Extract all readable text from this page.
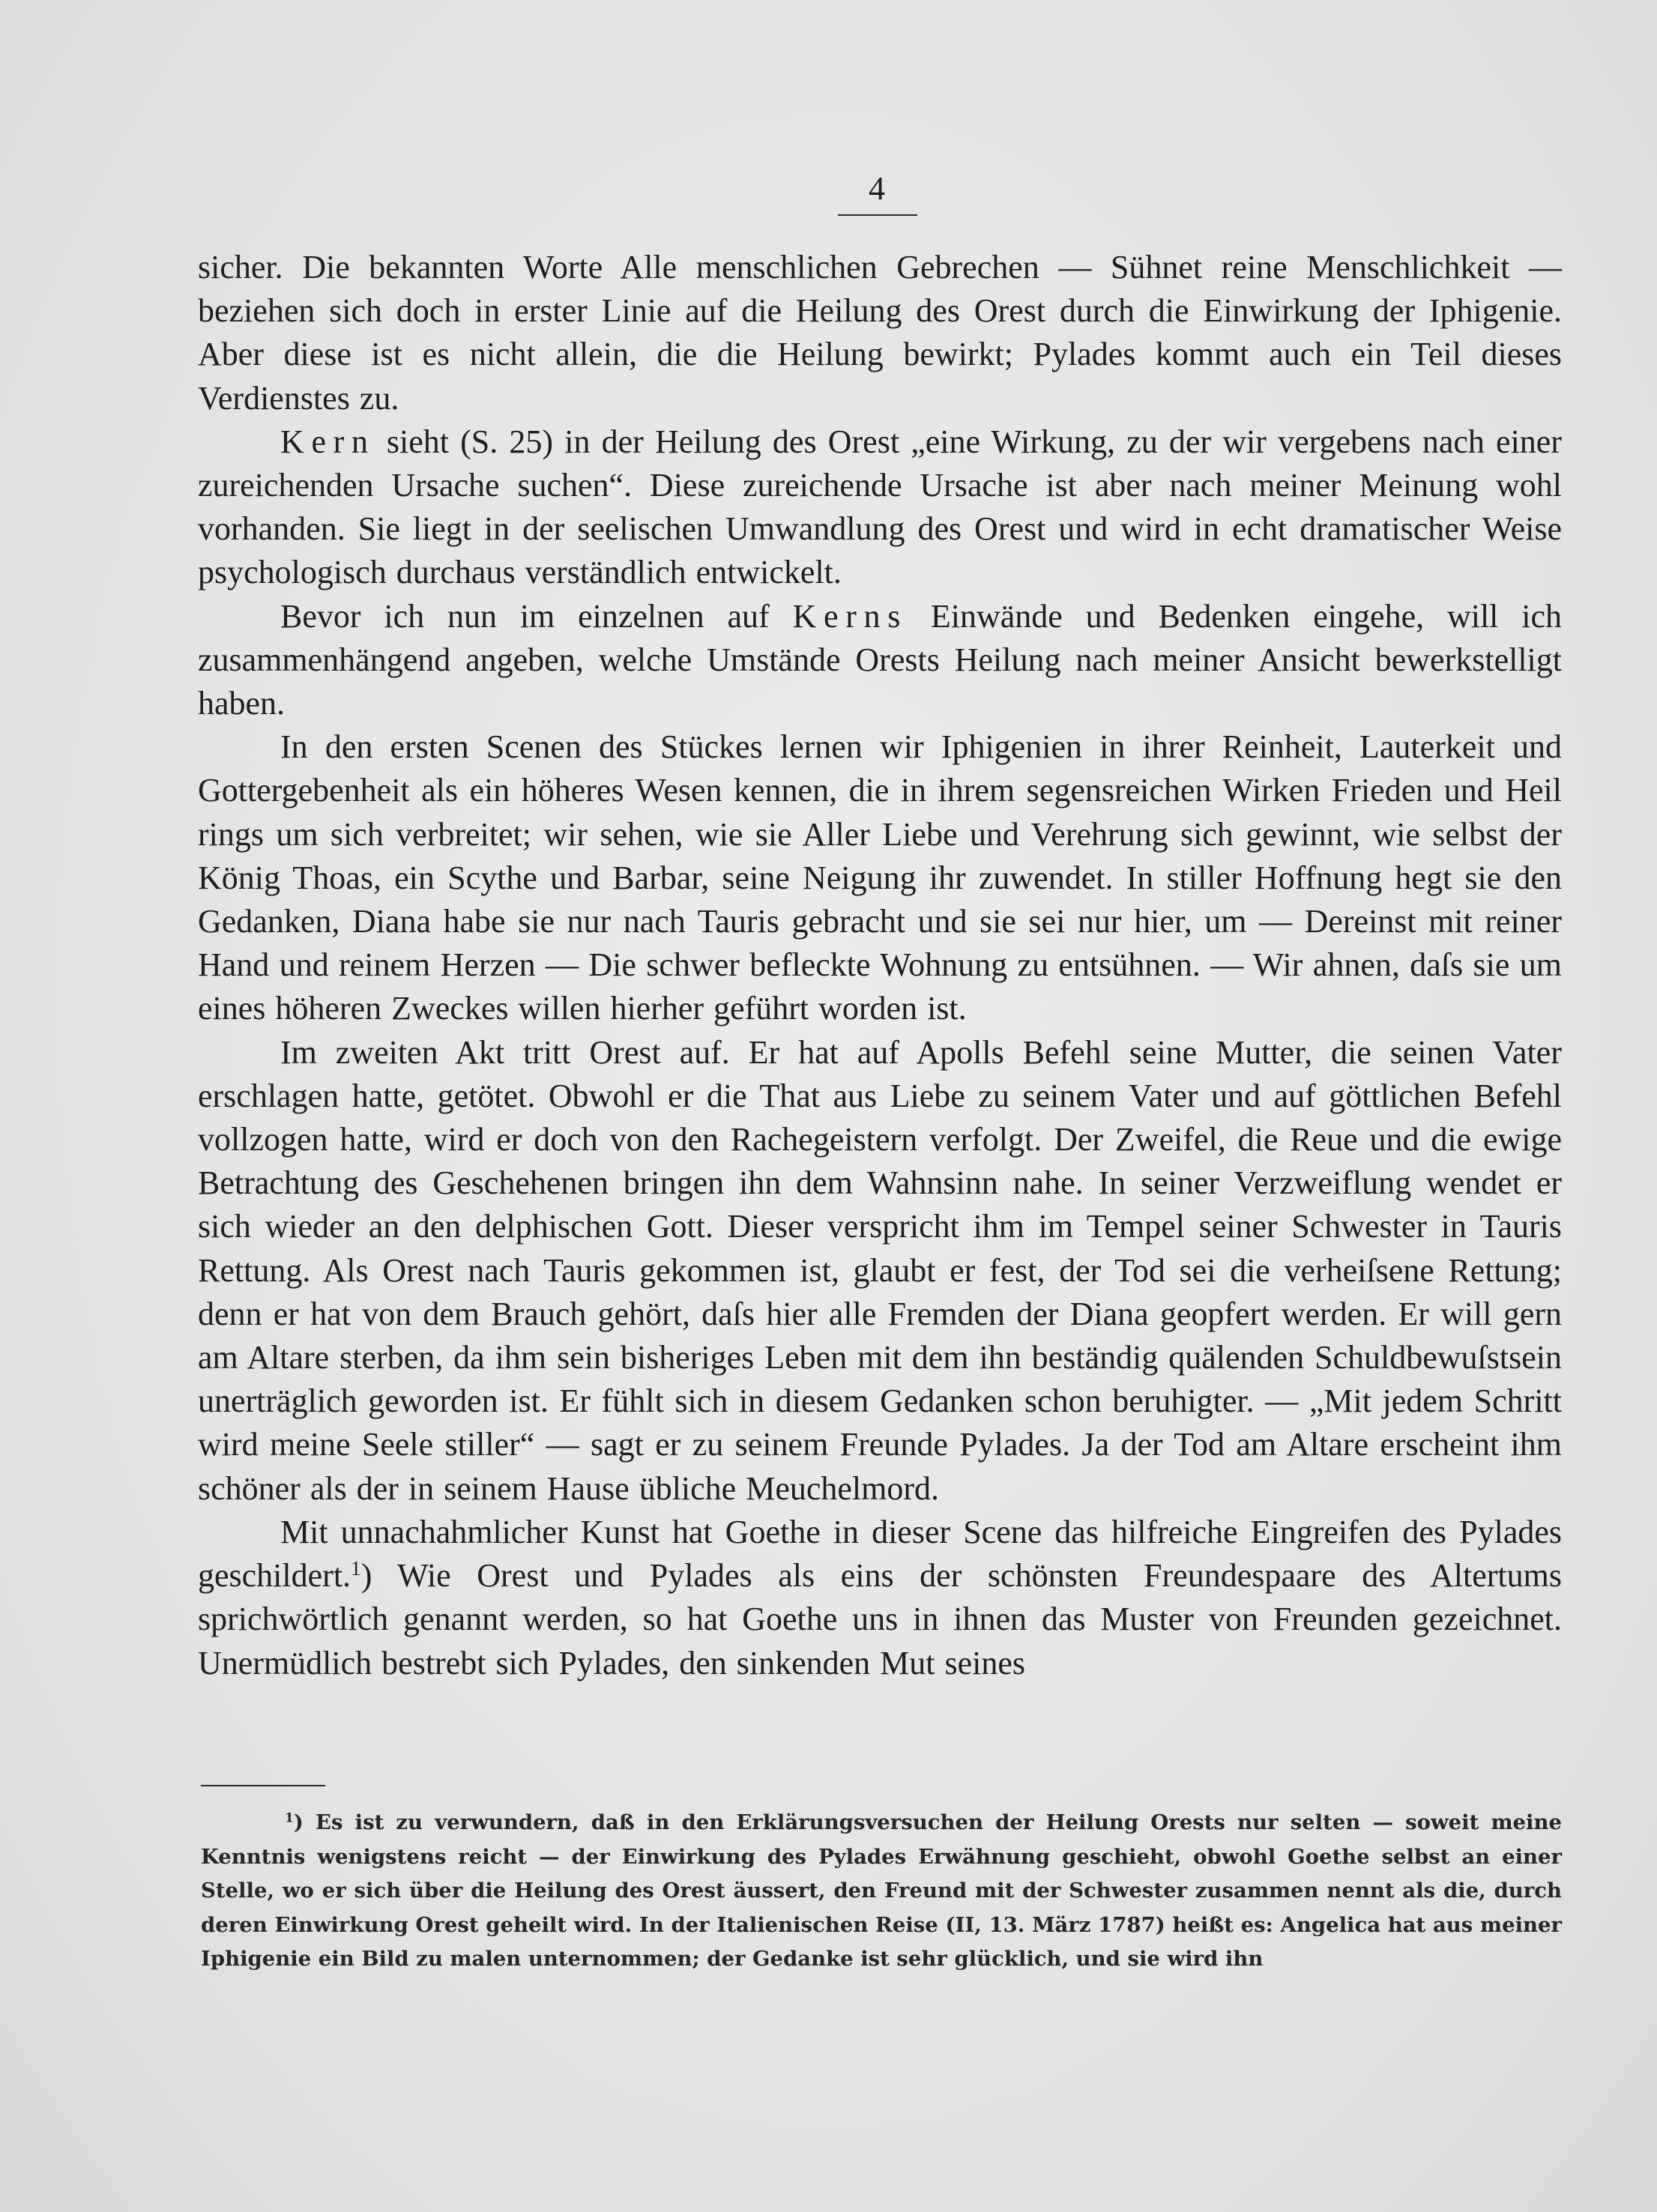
4

sicher. Die bekannten Worte Alle menschlichen Gebrechen — Sühnet reine Menschlichkeit — beziehen sich doch in erster Linie auf die Heilung des Orest durch die Einwirkung der Iphigenie. Aber diese ist es nicht allein, die die Heilung bewirkt; Pylades kommt auch ein Teil dieses Verdienstes zu.

Kern sieht (S. 25) in der Heilung des Orest „eine Wirkung, zu der wir vergebens nach einer zureichenden Ursache suchen“. Diese zureichende Ursache ist aber nach meiner Meinung wohl vorhanden. Sie liegt in der seelischen Umwandlung des Orest und wird in echt dramatischer Weise psychologisch durchaus verständlich entwickelt.

Bevor ich nun im einzelnen auf Kerns Einwände und Bedenken eingehe, will ich zusammenhängend angeben, welche Umstände Orests Heilung nach meiner Ansicht bewerkstelligt haben.

In den ersten Scenen des Stückes lernen wir Iphigenien in ihrer Reinheit, Lauterkeit und Gottergebenheit als ein höheres Wesen kennen, die in ihrem segensreichen Wirken Frieden und Heil rings um sich verbreitet; wir sehen, wie sie Aller Liebe und Verehrung sich gewinnt, wie selbst der König Thoas, ein Scythe und Barbar, seine Neigung ihr zuwendet. In stiller Hoffnung hegt sie den Gedanken, Diana habe sie nur nach Tauris gebracht und sie sei nur hier, um — Dereinst mit reiner Hand und reinem Herzen — Die schwer befleckte Wohnung zu entsühnen. — Wir ahnen, daſs sie um eines höheren Zweckes willen hierher geführt worden ist.

Im zweiten Akt tritt Orest auf. Er hat auf Apolls Befehl seine Mutter, die seinen Vater erschlagen hatte, getötet. Obwohl er die That aus Liebe zu seinem Vater und auf göttlichen Befehl vollzogen hatte, wird er doch von den Rachegeistern verfolgt. Der Zweifel, die Reue und die ewige Betrachtung des Geschehenen bringen ihn dem Wahnsinn nahe. In seiner Verzweiflung wendet er sich wieder an den delphischen Gott. Dieser verspricht ihm im Tempel seiner Schwester in Tauris Rettung. Als Orest nach Tauris gekommen ist, glaubt er fest, der Tod sei die verheiſsene Rettung; denn er hat von dem Brauch gehört, daſs hier alle Fremden der Diana geopfert werden. Er will gern am Altare sterben, da ihm sein bisheriges Leben mit dem ihn beständig quälenden Schuldbewuſstsein unerträglich geworden ist. Er fühlt sich in diesem Gedanken schon beruhigter. — „Mit jedem Schritt wird meine Seele stiller“ — sagt er zu seinem Freunde Pylades. Ja der Tod am Altare erscheint ihm schöner als der in seinem Hause übliche Meuchelmord.

Mit unnachahmlicher Kunst hat Goethe in dieser Scene das hilfreiche Eingreifen des Pylades geschildert.$^1$) Wie Orest und Pylades als eins der schönsten Freundespaare des Altertums sprichwörtlich genannt werden, so hat Goethe uns in ihnen das Muster von Freunden gezeichnet. Unermüdlich bestrebt sich Pylades, den sinkenden Mut seines

$^1$) Es ist zu verwundern, daß in den Erklärungsversuchen der Heilung Orests nur selten — soweit meine Kenntnis wenigstens reicht — der Einwirkung des Pylades Erwähnung geschieht, obwohl Goethe selbst an einer Stelle, wo er sich über die Heilung des Orest äussert, den Freund mit der Schwester zusammen nennt als die, durch deren Einwirkung Orest geheilt wird. In der Italienischen Reise (II, 13. März 1787) heißt es: Angelica hat aus meiner Iphigenie ein Bild zu malen unternommen; der Gedanke ist sehr glücklich, und sie wird ihn
